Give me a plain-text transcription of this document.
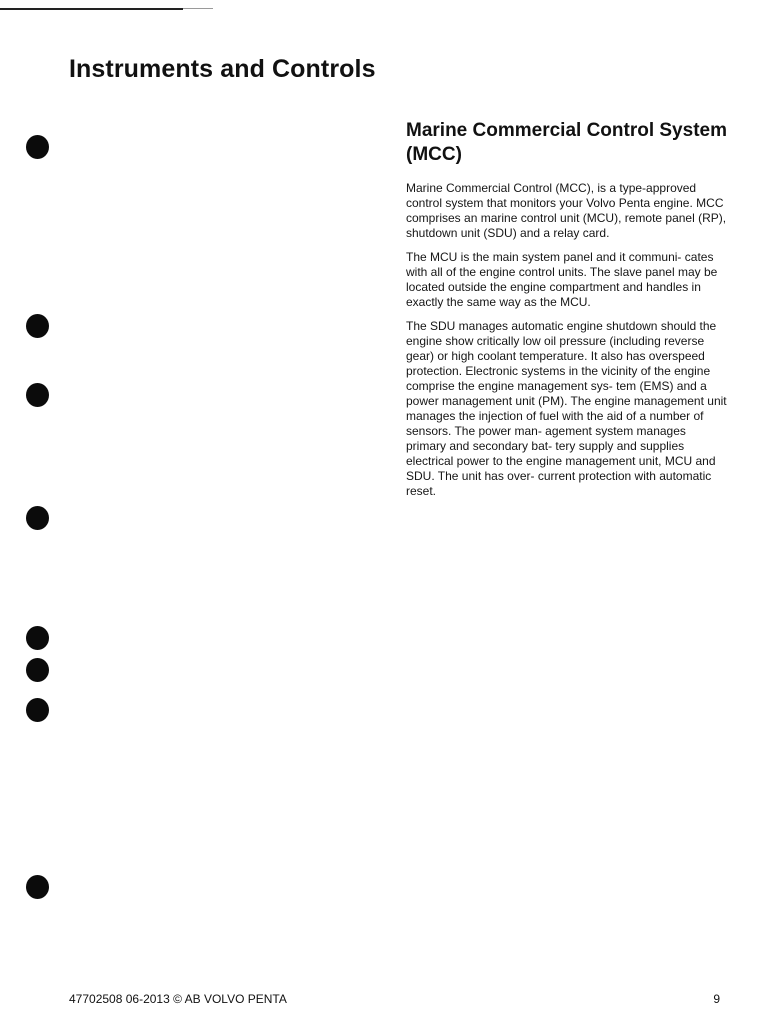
Instruments and Controls
Marine Commercial Control System (MCC)

Marine Commercial Control (MCC), is a type-approved control system that monitors your Volvo Penta engine. MCC comprises an marine control unit (MCU), remote panel (RP), shutdown unit (SDU) and a relay card.

The MCU is the main system panel and it communi- cates with all of the engine control units. The slave panel may be located outside the engine compartment and handles in exactly the same way as the MCU.

The SDU manages automatic engine shutdown should the engine show critically low oil pressure (including reverse gear) or high coolant temperature. It also has overspeed protection. Electronic systems in the vicinity of the engine comprise the engine management sys- tem (EMS) and a power management unit (PM). The engine management unit manages the injection of fuel with the aid of a number of sensors. The power man- agement system manages primary and secondary bat- tery supply and supplies electrical power to the engine management unit, MCU and SDU. The unit has over- current protection with automatic reset.

47702508 06-2013 © AB VOLVO PENTA	9
